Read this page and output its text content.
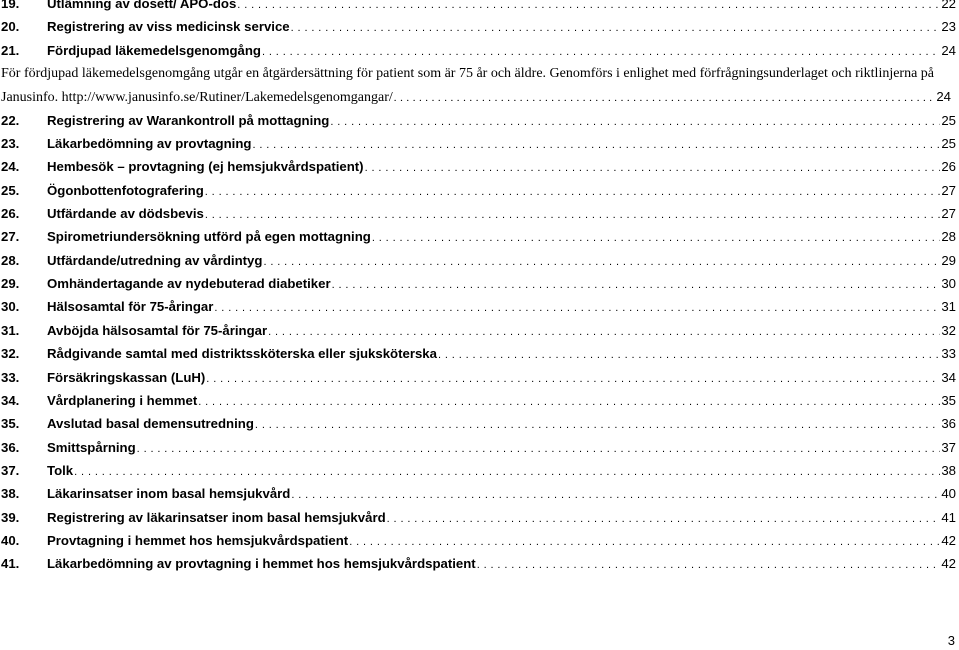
19.	Utlämning av dosett/ APO-dos . . .	22
20.	Registrering av viss medicinsk service . . .	23
21.	Fördjupad läkemedelsgenomgång . . .	24
För fördjupad läkemedelsgenomgång utgår en åtgärdersättning för patient som är 75 år och äldre. Genomförs i enlighet med förfrågningsunderlaget och riktlinjerna på
Janusinfo. http://www.janusinfo.se/Rutiner/Lakemedelsgenomgangar/ . . .	24
22.	Registrering av Warankontroll på mottagning . . .	25
23.	Läkarbedömning av provtagning . . .	25
24.	Hembesök – provtagning (ej hemsjukvårdspatient) . . .	26
25.	Ögonbottenfotografering . . .	27
26.	Utfärdande av dödsbevis . . .	27
27.	Spirometriundersökning utförd på egen mottagning . . .	28
28.	Utfärdande/utredning av vårdintyg . . .	29
29.	Omhändertagande av nydebuterad diabetiker . . .	30
30.	Hälsosamtal för 75-åringar . . .	31
31.	Avböjda hälsosamtal för 75-åringar . . .	32
32.	Rådgivande samtal med distriktssköterska eller sjuksköterska . . .	33
33.	Försäkringskassan (LuH) . . .	34
34.	Vårdplanering i hemmet . . .	35
35.	Avslutad basal demensutredning . . .	36
36.	Smittspårning . . .	37
37.	Tolk . . .	38
38.	Läkarinsatser inom basal hemsjukvård . . .	40
39.	Registrering av läkarinsatser inom basal hemsjukvård . . .	41
40.	Provtagning i hemmet hos hemsjukvårdspatient . . .	42
41.	Läkarbedömning av provtagning i hemmet hos hemsjukvårdspatient . . .	42
3
